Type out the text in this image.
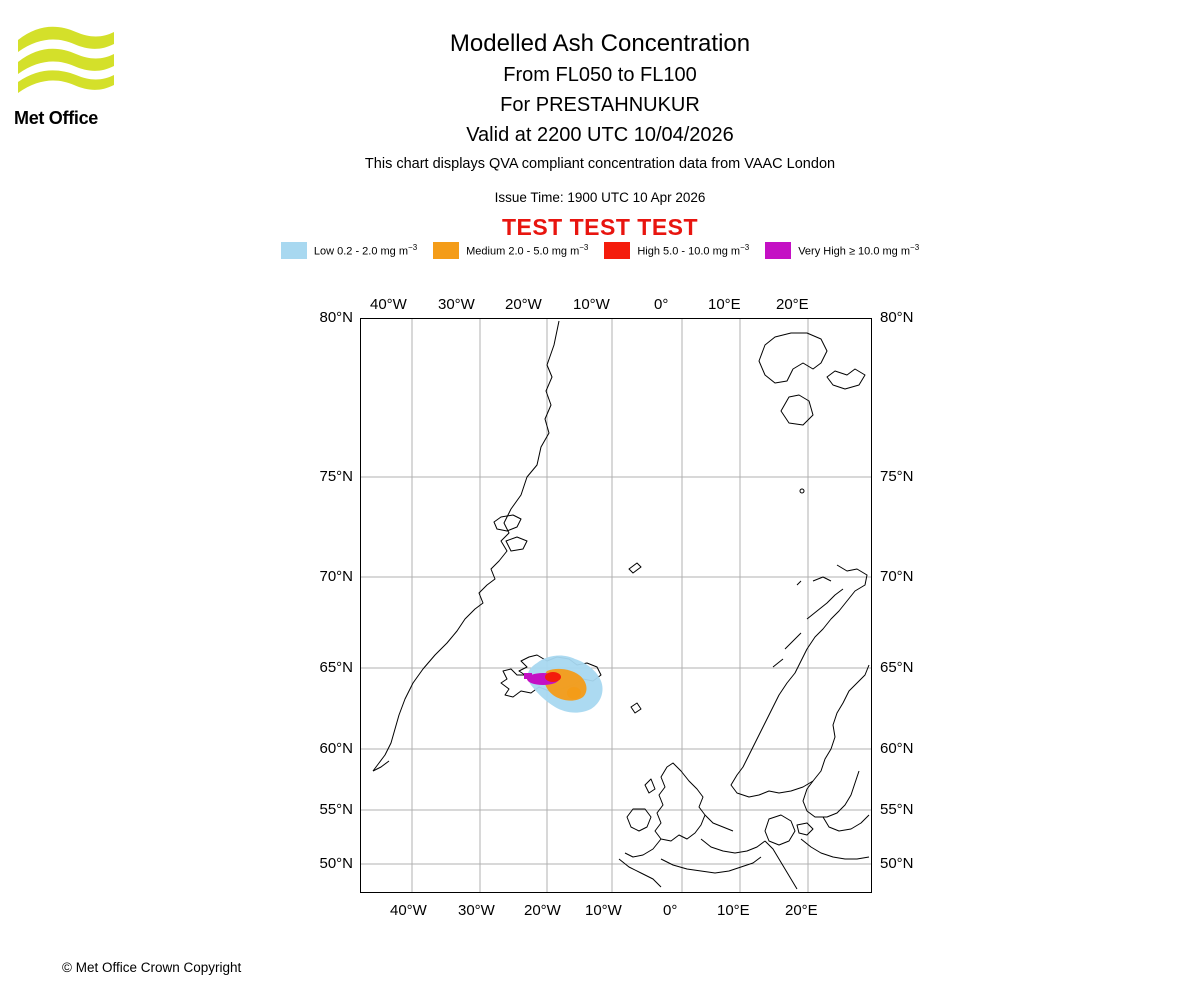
Met Office
Modelled Ash Concentration
From FL050 to FL100
For PRESTAHNUKUR
Valid at 2200 UTC 10/04/2026
This chart displays QVA compliant concentration data from VAAC London
Issue Time: 1900 UTC 10 Apr 2026
TEST TEST TEST
Low 0.2 - 2.0 mg $m^{-3}$	Medium 2.0 - 5.0 mg $m^{-3}$	High 5.0 - 10.0 mg $m^{-3}$	Very High ≥ 10.0 mg $m^{-3}$
40°W 30°W 20°W 10°W	0°	10°E 20°E
40°W 30°W 20°W 10°W	0°	10°E 20°E
80°N
75°N
70°N
65°N
60°N
55°N
50°N
80°N
75°N
70°N
65°N
60°N
55°N
50°N
© Met Office Crown Copyright
